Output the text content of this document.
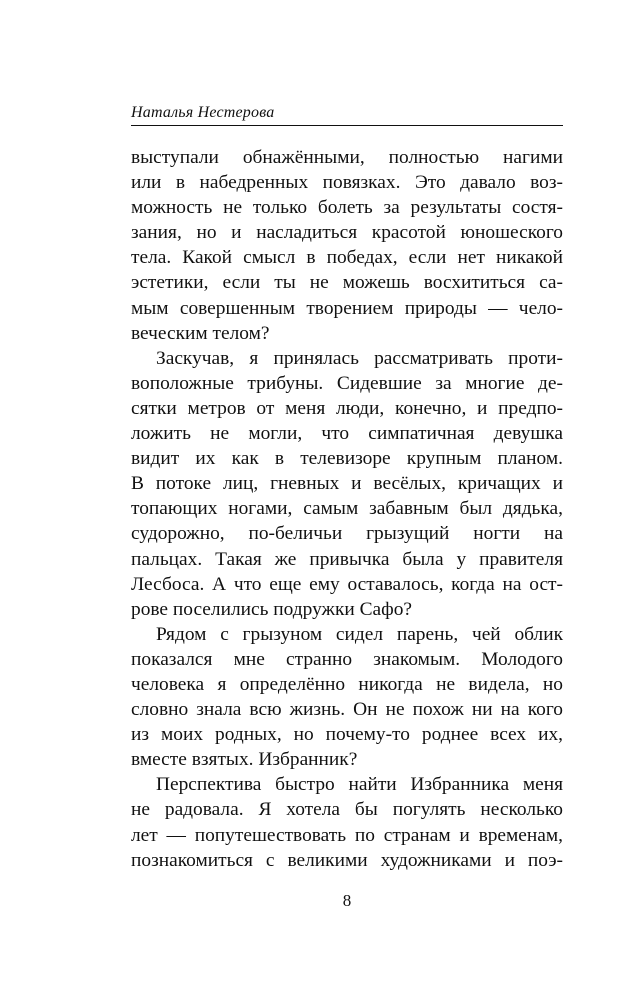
Наталья Нестерова
выступали обнажёнными, полностью нагими
или в набедренных повязках. Это давало воз-
можность не только болеть за результаты состя-
зания, но и насладиться красотой юношеского
тела. Какой смысл в победах, если нет никакой
эстетики, если ты не можешь восхититься са-
мым совершенным творением природы — чело-
веческим телом?
Заскучав, я принялась рассматривать проти-
воположные трибуны. Сидевшие за многие де-
сятки метров от меня люди, конечно, и предпо-
ложить не могли, что симпатичная девушка
видит их как в телевизоре крупным планом.
В потоке лиц, гневных и весёлых, кричащих и
топающих ногами, самым забавным был дядька,
судорожно, по-беличьи грызущий ногти на
пальцах. Такая же привычка была у правителя
Лесбоса. А что еще ему оставалось, когда на ост-
рове поселились подружки Сафо?
Рядом с грызуном сидел парень, чей облик
показался мне странно знакомым. Молодого
человека я определённо никогда не видела, но
словно знала всю жизнь. Он не похож ни на кого
из моих родных, но почему-то роднее всех их,
вместе взятых. Избранник?
Перспектива быстро найти Избранника меня
не радовала. Я хотела бы погулять несколько
лет — попутешествовать по странам и временам,
познакомиться с великими художниками и поэ-
8
